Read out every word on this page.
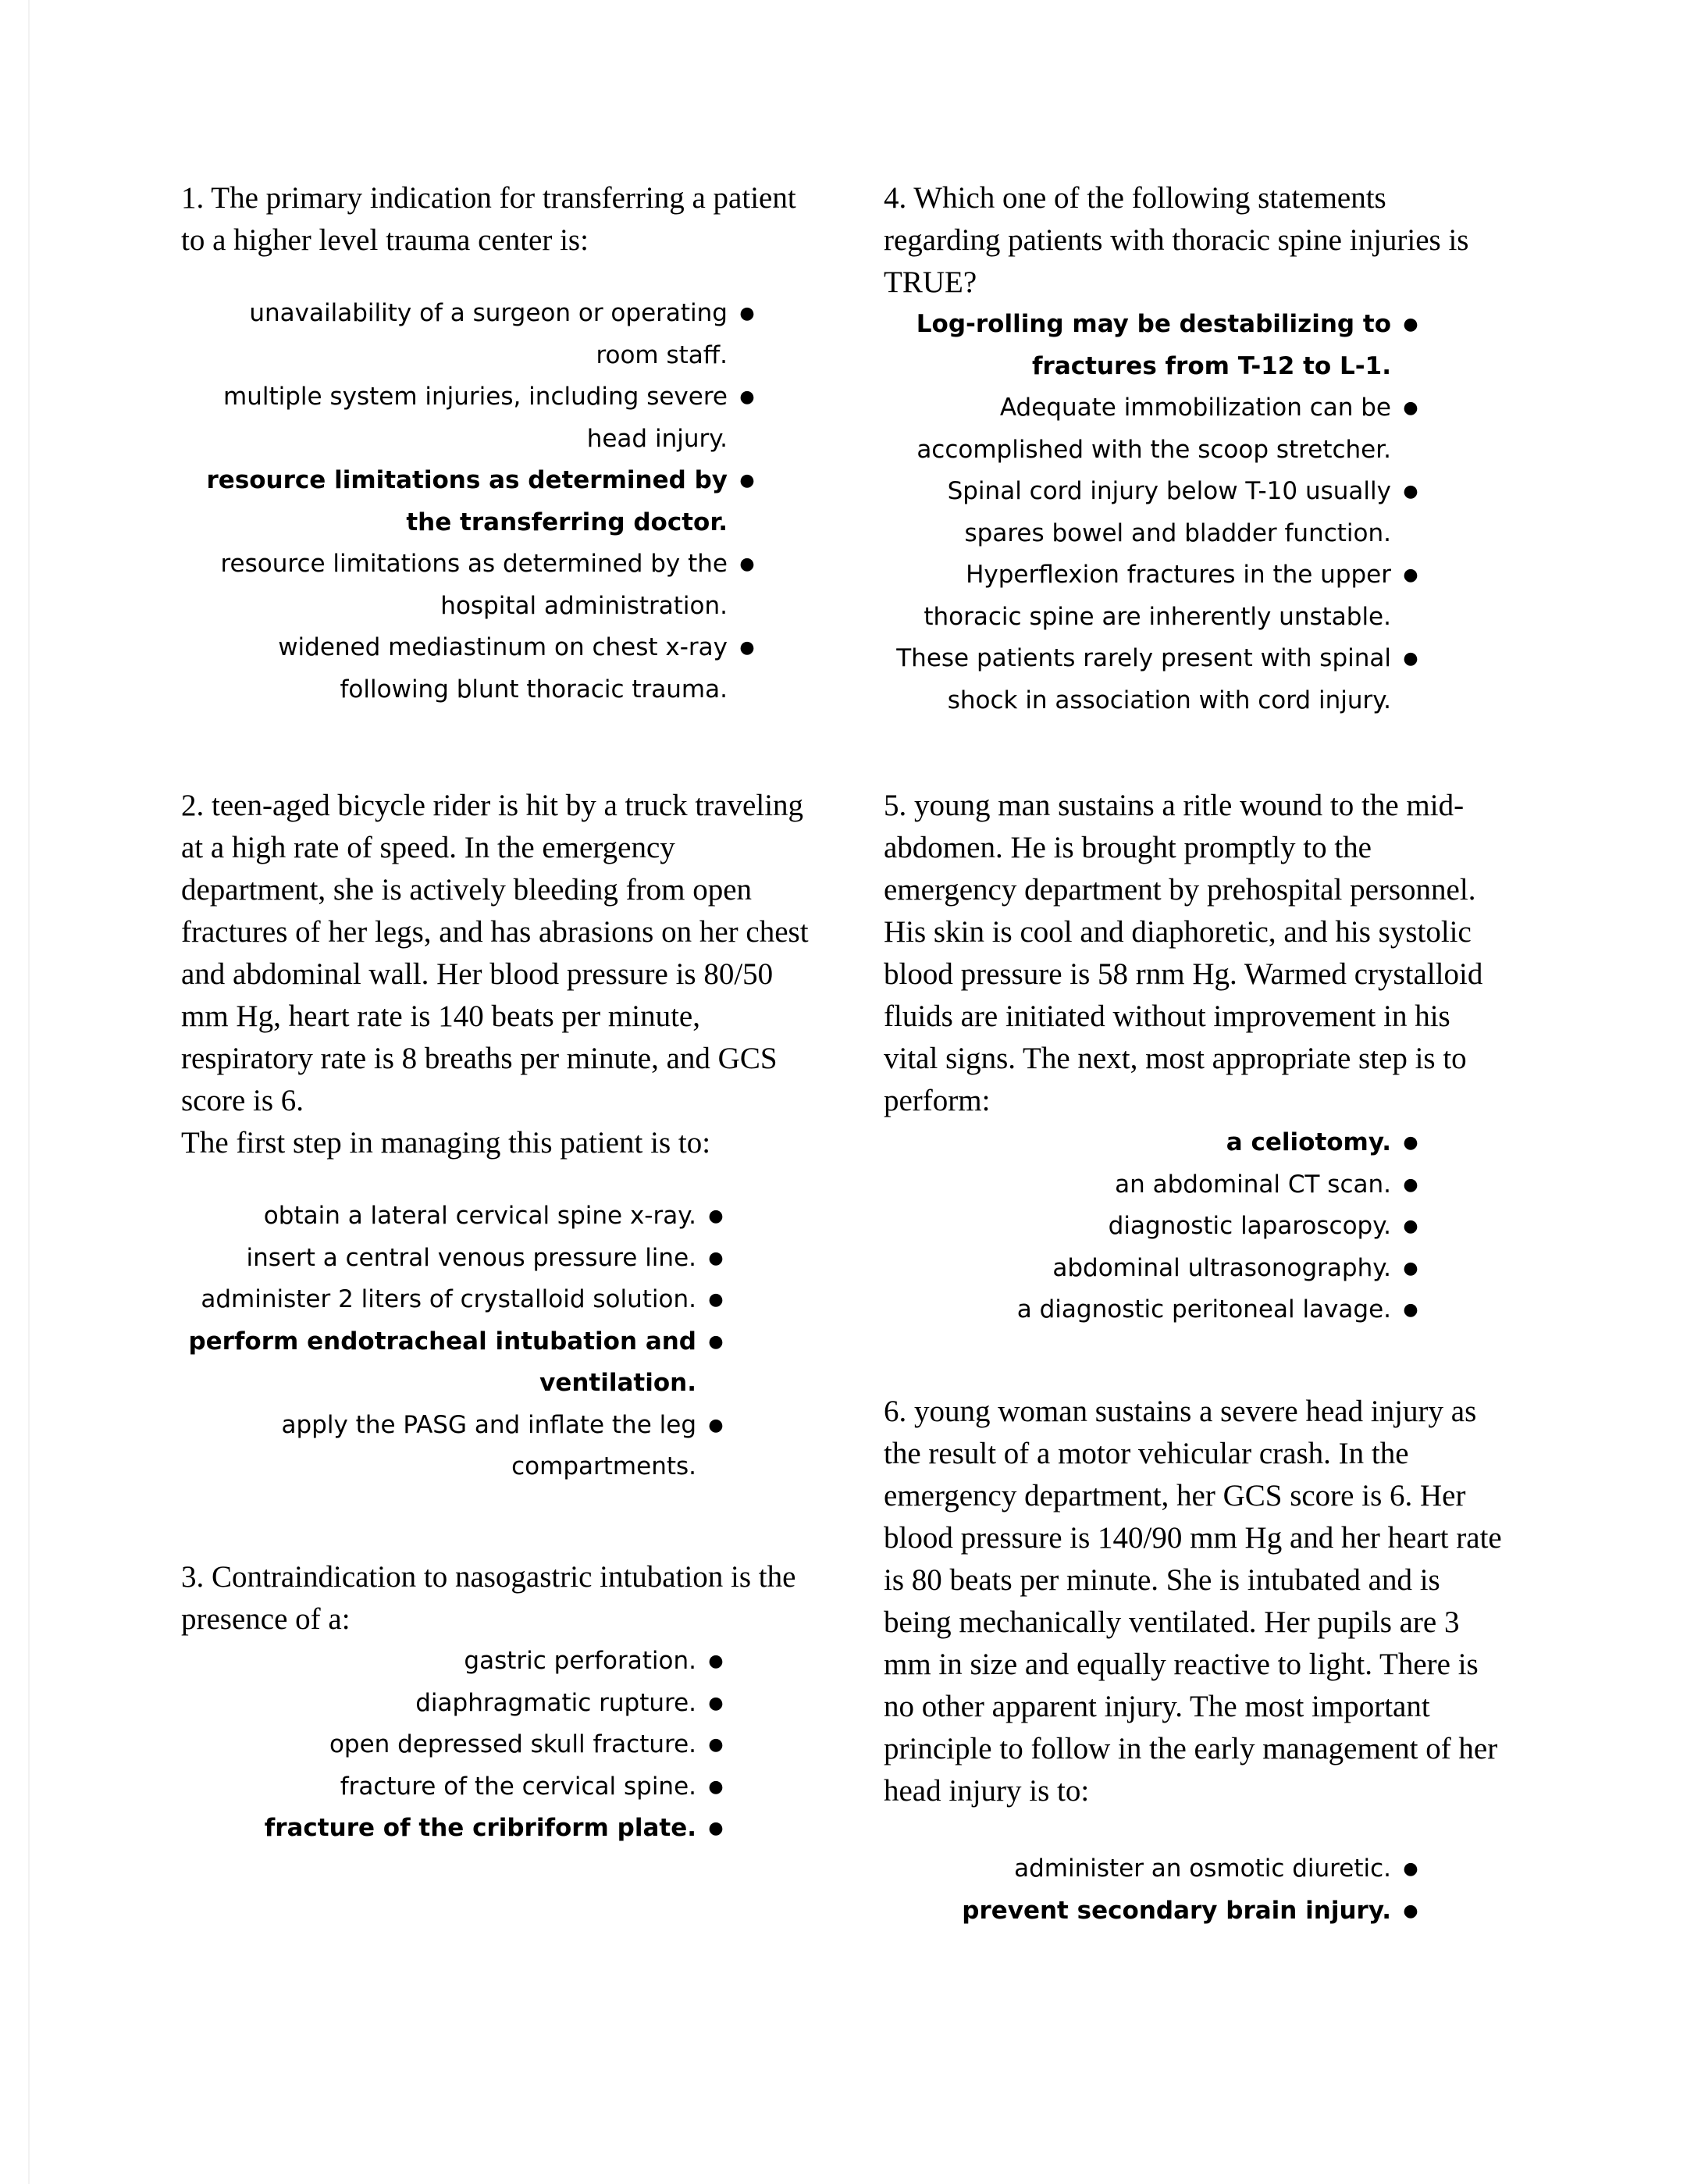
1. The primary indication for transferring a patient to a higher level trauma center is:

unavailability of a surgeon or operating room staff.
●
multiple system injuries, including severe head injury.
●
resource limitations as determined by the transferring doctor.
●
resource limitations as determined by the hospital administration.
●
widened mediastinum on chest x-ray following blunt thoracic trauma.
●

2. teen-aged bicycle rider is hit by a truck traveling at a high rate of speed. In the emergency department, she is actively bleeding from open fractures of her legs, and has abrasions on her chest and abdominal wall. Her blood pressure is 80/50 mm Hg, heart rate is 140 beats per minute, respiratory rate is 8 breaths per minute, and GCS score is 6.

The first step in managing this patient is to:

obtain a lateral cervical spine x-ray. ●
insert a central venous pressure line. ●
administer 2 liters of crystalloid solution. ●
perform endotracheal intubation and ventilation.
●
apply the PASG and inflate the leg compartments.
●

3. Contraindication to nasogastric intubation is the presence of a:

gastric perforation. ●
diaphragmatic rupture. ●
open depressed skull fracture. ●
fracture of the cervical spine. ●
fracture of the cribriform plate. ●

4. Which one of the following statements regarding patients with thoracic spine injuries is TRUE?

Log-rolling may be destabilizing to fractures from T-12 to L-1.
●
Adequate immobilization can be accomplished with the scoop stretcher.
●
Spinal cord injury below T-10 usually spares bowel and bladder function.
●
Hyperflexion fractures in the upper thoracic spine are inherently unstable.
●
These patients rarely present with spinal shock in association with cord injury.
●

5. young man sustains a ritle wound to the mid-abdomen. He is brought promptly to the emergency department by prehospital personnel. His skin is cool and diaphoretic, and his systolic blood pressure is 58 rnm Hg. Warmed crystalloid fluids are initiated without improvement in his vital signs. The next, most appropriate step is to perform:

a celiotomy. ●
an abdominal CT scan. ●
diagnostic laparoscopy. ●
abdominal ultrasonography. ●
a diagnostic peritoneal lavage. ●

6. young woman sustains a severe head injury as the result of a motor vehicular crash. In the emergency department, her GCS score is 6. Her blood pressure is 140/90 mm Hg and her heart rate is 80 beats per minute. She is intubated and is being mechanically ventilated. Her pupils are 3 mm in size and equally reactive to light. There is no other apparent injury. The most important principle to follow in the early management of her head injury is to:

administer an osmotic diuretic. ●
prevent secondary brain injury. ●
